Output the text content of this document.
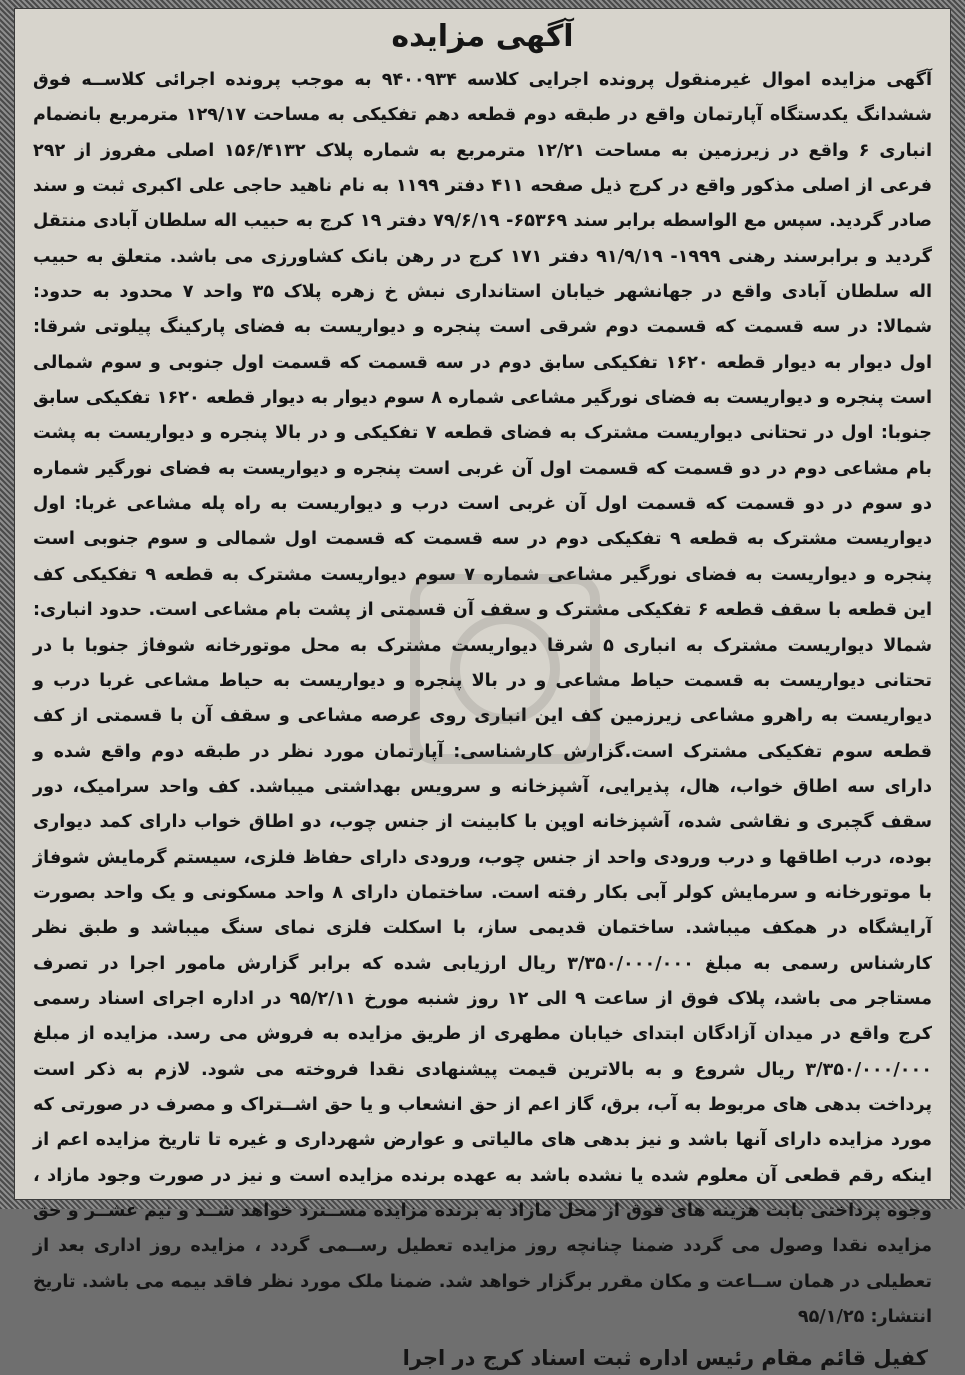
آگهی مزایده

آگهی مزایده اموال غیرمنقول پرونده اجرایی کلاسه ۹۴۰۰۹۳۴ به موجب پرونده اجرائی کلاســه فوق ششدانگ یکدستگاه آپارتمان واقع در طبقه دوم قطعه دهم تفکیکی به مساحت ۱۲۹/۱۷ مترمربع بانضمام انباری ۶ واقع در زیرزمین به مساحت ۱۲/۲۱ مترمربع به شماره پلاک ۱۵۶/۴۱۳۲ اصلی مفروز از ۲۹۲ فرعی از اصلی مذکور واقع در کرج ذیل صفحه ۴۱۱ دفتر ۱۱۹۹ به نام ناهید حاجی علی اکبری ثبت و سند صادر گردید. سپس مع الواسطه برابر سند ۶۵۳۶۹- ۷۹/۶/۱۹ دفتر ۱۹ کرج به حبیب اله سلطان آبادی منتقل گردید و برابرسند رهنی ۱۹۹۹- ۹۱/۹/۱۹ دفتر ۱۷۱ کرج در رهن بانک کشاورزی می باشد. متعلق به حبیب اله سلطان آبادی واقع در جهانشهر خیابان استانداری نبش خ زهره پلاک ۳۵ واحد ۷ محدود به حدود: شمالا: در سه قسمت که قسمت دوم شرقی است پنجره و دیواریست به فضای پارکینگ پیلوتی شرقا: اول دیوار به دیوار قطعه ۱۶۲۰ تفکیکی سابق دوم در سه قسمت که قسمت اول جنوبی و سوم شمالی است پنجره و دیواریست به فضای نورگیر مشاعی شماره ۸ سوم دیوار به دیوار قطعه ۱۶۲۰ تفکیکی سابق جنوبا: اول در تحتانی دیواریست مشترک به فضای قطعه ۷ تفکیکی و در بالا پنجره و دیواریست به پشت بام مشاعی دوم در دو قسمت که قسمت اول آن غربی است پنجره و دیواریست به فضای نورگیر شماره دو سوم در دو قسمت که قسمت اول آن غربی است درب و دیواریست به راه پله مشاعی غربا: اول دیواریست مشترک به قطعه ۹ تفکیکی دوم در سه قسمت که قسمت اول شمالی و سوم جنوبی است پنجره و دیواریست به فضای نورگیر مشاعی شماره ۷ سوم دیواریست مشترک به قطعه ۹ تفکیکی کف این قطعه با سقف قطعه ۶ تفکیکی مشترک و سقف آن قسمتی از پشت بام مشاعی است. حدود انباری: شمالا دیواریست مشترک به انباری ۵ شرقا دیواریست مشترک به محل موتورخانه شوفاژ جنوبا با در تحتانی دیواریست به قسمت حیاط مشاعی و در بالا پنجره و دیواریست به حیاط مشاعی غربا درب و دیواریست به راهرو مشاعی زیرزمین کف این انباری روی عرصه مشاعی و سقف آن با قسمتی از کف قطعه سوم تفکیکی مشترک است.گزارش کارشناسی: آپارتمان مورد نظر در طبقه دوم واقع شده و دارای سه اطاق خواب، هال، پذیرایی، آشپزخانه و سرویس بهداشتی میباشد. کف واحد سرامیک، دور سقف گچبری و نقاشی شده، آشپزخانه اوپن با کابینت از جنس چوب، دو اطاق خواب دارای کمد دیواری بوده، درب اطاقها و درب ورودی واحد از جنس چوب، ورودی دارای حفاظ فلزی، سیستم گرمایش شوفاژ با موتورخانه و سرمایش کولر آبی بکار رفته است. ساختمان دارای ۸ واحد مسکونی و یک واحد بصورت آرایشگاه در همکف میباشد. ساختمان قدیمی ساز، با اسکلت فلزی نمای سنگ میباشد و طبق نظر کارشناس رسمی به مبلغ ۳/۳۵۰/۰۰۰/۰۰۰ ریال ارزیابی شده که برابر گزارش مامور اجرا در تصرف مستاجر می باشد، پلاک فوق از ساعت ۹ الی ۱۲ روز شنبه مورخ ۹۵/۲/۱۱ در اداره اجرای اسناد رسمی کرج واقع در میدان آزادگان ابتدای خیابان مطهری از طریق مزایده به فروش می رسد. مزایده از مبلغ ۳/۳۵۰/۰۰۰/۰۰۰ ریال شروع و به بالاترین قیمت پیشنهادی نقدا فروخته می شود. لازم به ذکر است پرداخت بدهی های مربوط به آب، برق، گاز اعم از حق انشعاب و یا حق اشــتراک و مصرف در صورتی که مورد مزایده دارای آنها باشد و نیز بدهی های مالیاتی و عوارض شهرداری و غیره تا تاریخ مزایده اعم از اینکه رقم قطعی آن معلوم شده یا نشده باشد به عهده برنده مزایده است و نیز در صورت وجود مازاد ، وجوه پرداختی بابت هزینه های فوق از محل مازاد به برنده مزایده مســترد خواهد شــد و نیم عشــر و حق مزایده نقدا وصول می گردد ضمنا چنانچه روز مزایده تعطیل رســمی گردد ، مزایده روز اداری بعد از تعطیلی در همان ســاعت و مکان مقرر برگزار خواهد شد. ضمنا ملک مورد نظر فاقد بیمه می باشد. تاریخ انتشار: ۹۵/۱/۲۵

کفیل قائم مقام رئیس اداره ثبت اسناد کرج در اجرا
